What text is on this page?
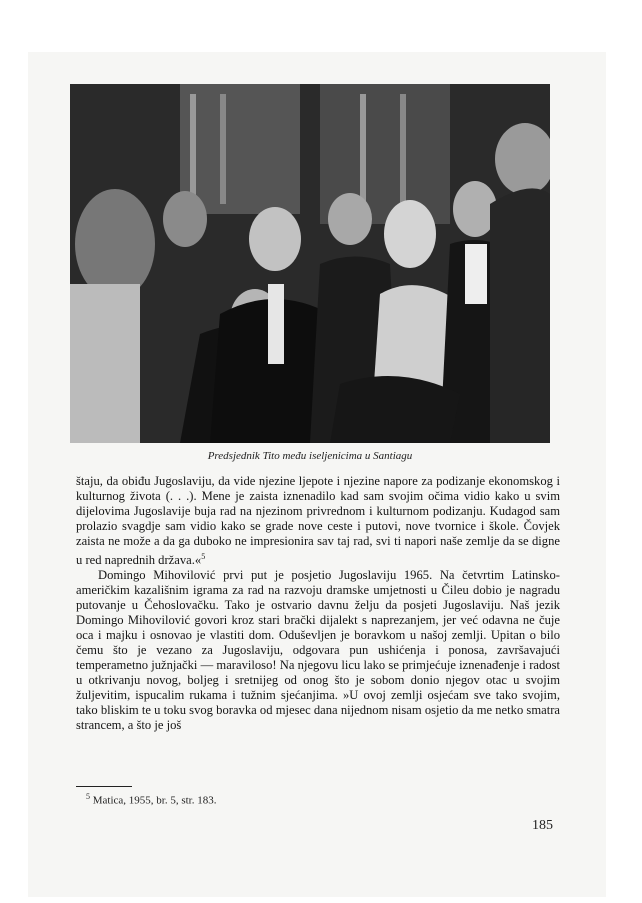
Predsjednik Tito među iseljenicima u Santiagu

štaju, da obiđu Jugoslaviju, da vide njezine ljepote i njezine napore za podizanje ekonomskog i kulturnog života (. . .). Mene je zaista iznenadilo kad sam svojim očima vidio kako u svim dijelovima Jugoslavije buja rad na njezinom privrednom i kulturnom podizanju. Kudagod sam prolazio svagdje sam vidio kako se grade nove ceste i putovi, nove tvornice i škole. Čovjek zaista ne može a da ga duboko ne impresionira sav taj rad, svi ti napori naše zemlje da se digne u red naprednih država.«$^5$

Domingo Mihovilović prvi put je posjetio Jugoslaviju 1965. Na četvrtim Latinsko-američkim kazališnim igrama za rad na razvoju dramske umjetnosti u Čileu dobio je nagradu putovanje u Čehoslovačku. Tako je ostvario davnu želju da posjeti Jugoslaviju. Naš jezik Domingo Mihovilović govori kroz stari brački dijalekt s naprezanjem, jer već odavna ne čuje oca i majku i osnovao je vlastiti dom. Oduševljen je boravkom u našoj zemlji. Upitan o bilo čemu što je vezano za Jugoslaviju, odgovara pun ushićenja i ponosa, završavajući temperametno južnjački — maraviloso! Na njegovu licu lako se primjećuje iznenađenje i radost u otkrivanju novog, boljeg i sretnijeg od onog što je sobom donio njegov otac u svojim žuljevitim, ispucalim rukama i tužnim sjećanjima. »U ovoj zemlji osjećam sve tako svojim, tako bliskim te u toku svog boravka od mjesec dana nijednom nisam osjetio da me netko smatra strancem, a što je još

$^5$ Matica, 1955, br. 5, str. 183.
185
